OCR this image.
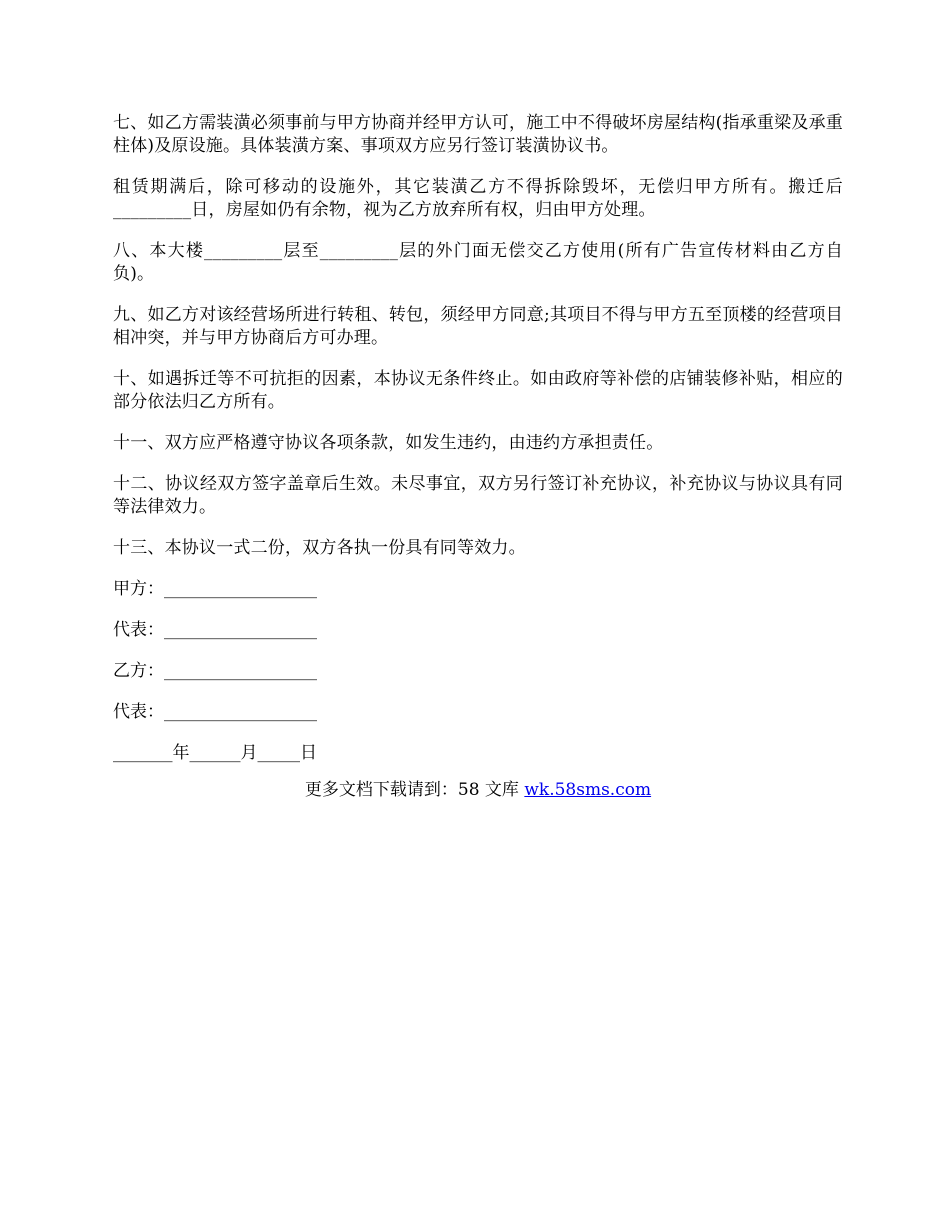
七、如乙方需装潢必须事前与甲方协商并经甲方认可，施工中不得破坏房屋结构(指承重梁及承重柱体)及原设施。具体装潢方案、事项双方应另行签订装潢协议书。

租赁期满后，除可移动的设施外，其它装潢乙方不得拆除毁坏，无偿归甲方所有。搬迁后_________日，房屋如仍有余物，视为乙方放弃所有权，归由甲方处理。

八、本大楼_________层至_________层的外门面无偿交乙方使用(所有广告宣传材料由乙方自负)。

九、如乙方对该经营场所进行转租、转包，须经甲方同意;其项目不得与甲方五至顶楼的经营项目相冲突，并与甲方协商后方可办理。

十、如遇拆迁等不可抗拒的因素，本协议无条件终止。如由政府等补偿的店铺装修补贴，相应的部分依法归乙方所有。

十一、双方应严格遵守协议各项条款，如发生违约，由违约方承担责任。

十二、协议经双方签字盖章后生效。未尽事宜，双方另行签订补充协议，补充协议与协议具有同等法律效力。

十三、本协议一式二份，双方各执一份具有同等效力。

甲方：__________________
代表：__________________
乙方：__________________
代表：__________________
_______年______月_____日
更多文档下载请到：58 文库 wk.58sms.com
